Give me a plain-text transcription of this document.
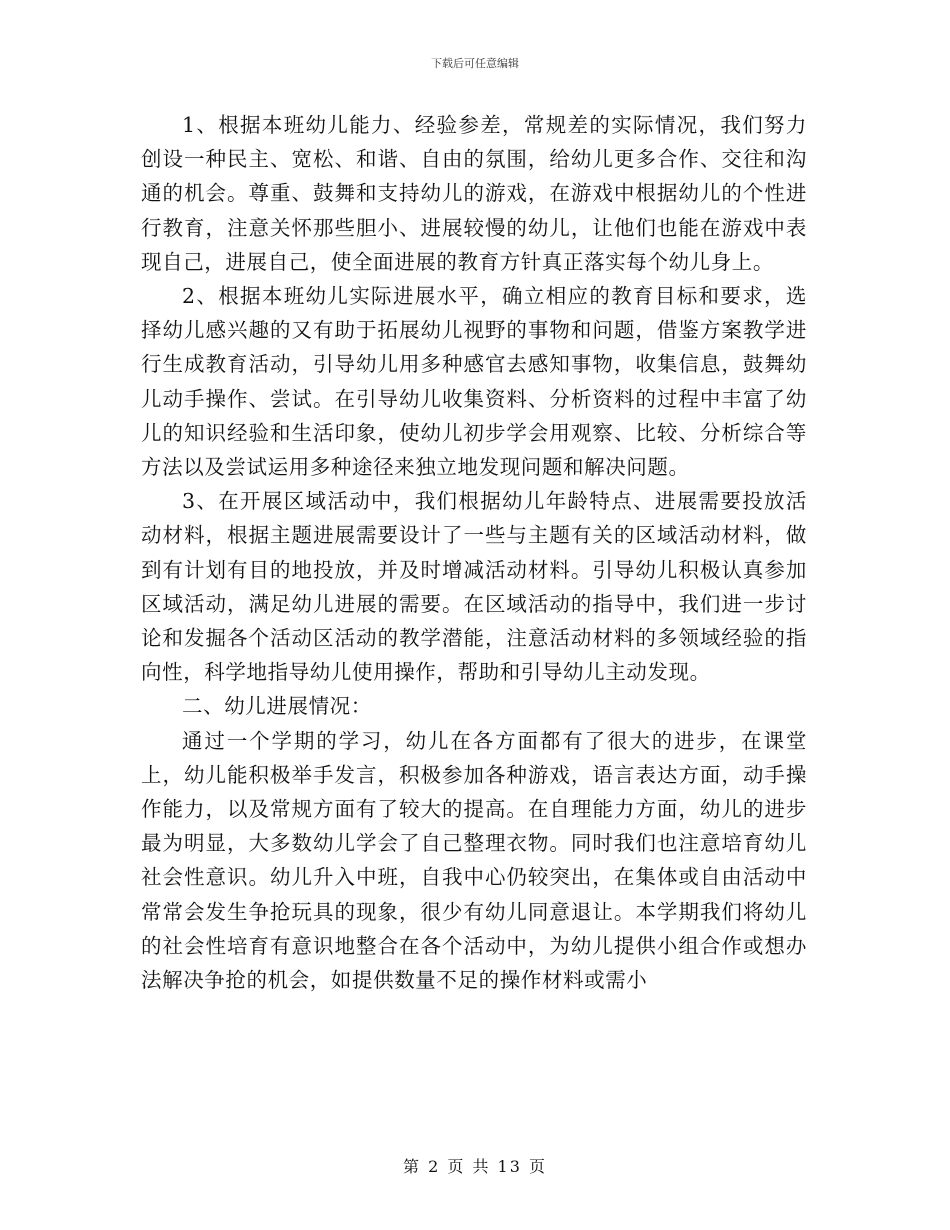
下载后可任意编辑

1、根据本班幼儿能力、经验参差，常规差的实际情况，我们努力创设一种民主、宽松、和谐、自由的氛围，给幼儿更多合作、交往和沟通的机会。尊重、鼓舞和支持幼儿的游戏，在游戏中根据幼儿的个性进行教育，注意关怀那些胆小、进展较慢的幼儿，让他们也能在游戏中表现自己，进展自己，使全面进展的教育方针真正落实每个幼儿身上。

2、根据本班幼儿实际进展水平，确立相应的教育目标和要求，选择幼儿感兴趣的又有助于拓展幼儿视野的事物和问题，借鉴方案教学进行生成教育活动，引导幼儿用多种感官去感知事物，收集信息，鼓舞幼儿动手操作、尝试。在引导幼儿收集资料、分析资料的过程中丰富了幼儿的知识经验和生活印象，使幼儿初步学会用观察、比较、分析综合等方法以及尝试运用多种途径来独立地发现问题和解决问题。

3、在开展区域活动中，我们根据幼儿年龄特点、进展需要投放活动材料，根据主题进展需要设计了一些与主题有关的区域活动材料，做到有计划有目的地投放，并及时增减活动材料。引导幼儿积极认真参加区域活动，满足幼儿进展的需要。在区域活动的指导中，我们进一步讨论和发掘各个活动区活动的教学潜能，注意活动材料的多领域经验的指向性，科学地指导幼儿使用操作，帮助和引导幼儿主动发现。

二、幼儿进展情况：

通过一个学期的学习，幼儿在各方面都有了很大的进步，在课堂上，幼儿能积极举手发言，积极参加各种游戏，语言表达方面，动手操作能力，以及常规方面有了较大的提高。在自理能力方面，幼儿的进步最为明显，大多数幼儿学会了自己整理衣物。同时我们也注意培育幼儿社会性意识。幼儿升入中班，自我中心仍较突出，在集体或自由活动中常常会发生争抢玩具的现象，很少有幼儿同意退让。本学期我们将幼儿的社会性培育有意识地整合在各个活动中，为幼儿提供小组合作或想办法解决争抢的机会，如提供数量不足的操作材料或需小

第 2 页 共 13 页
